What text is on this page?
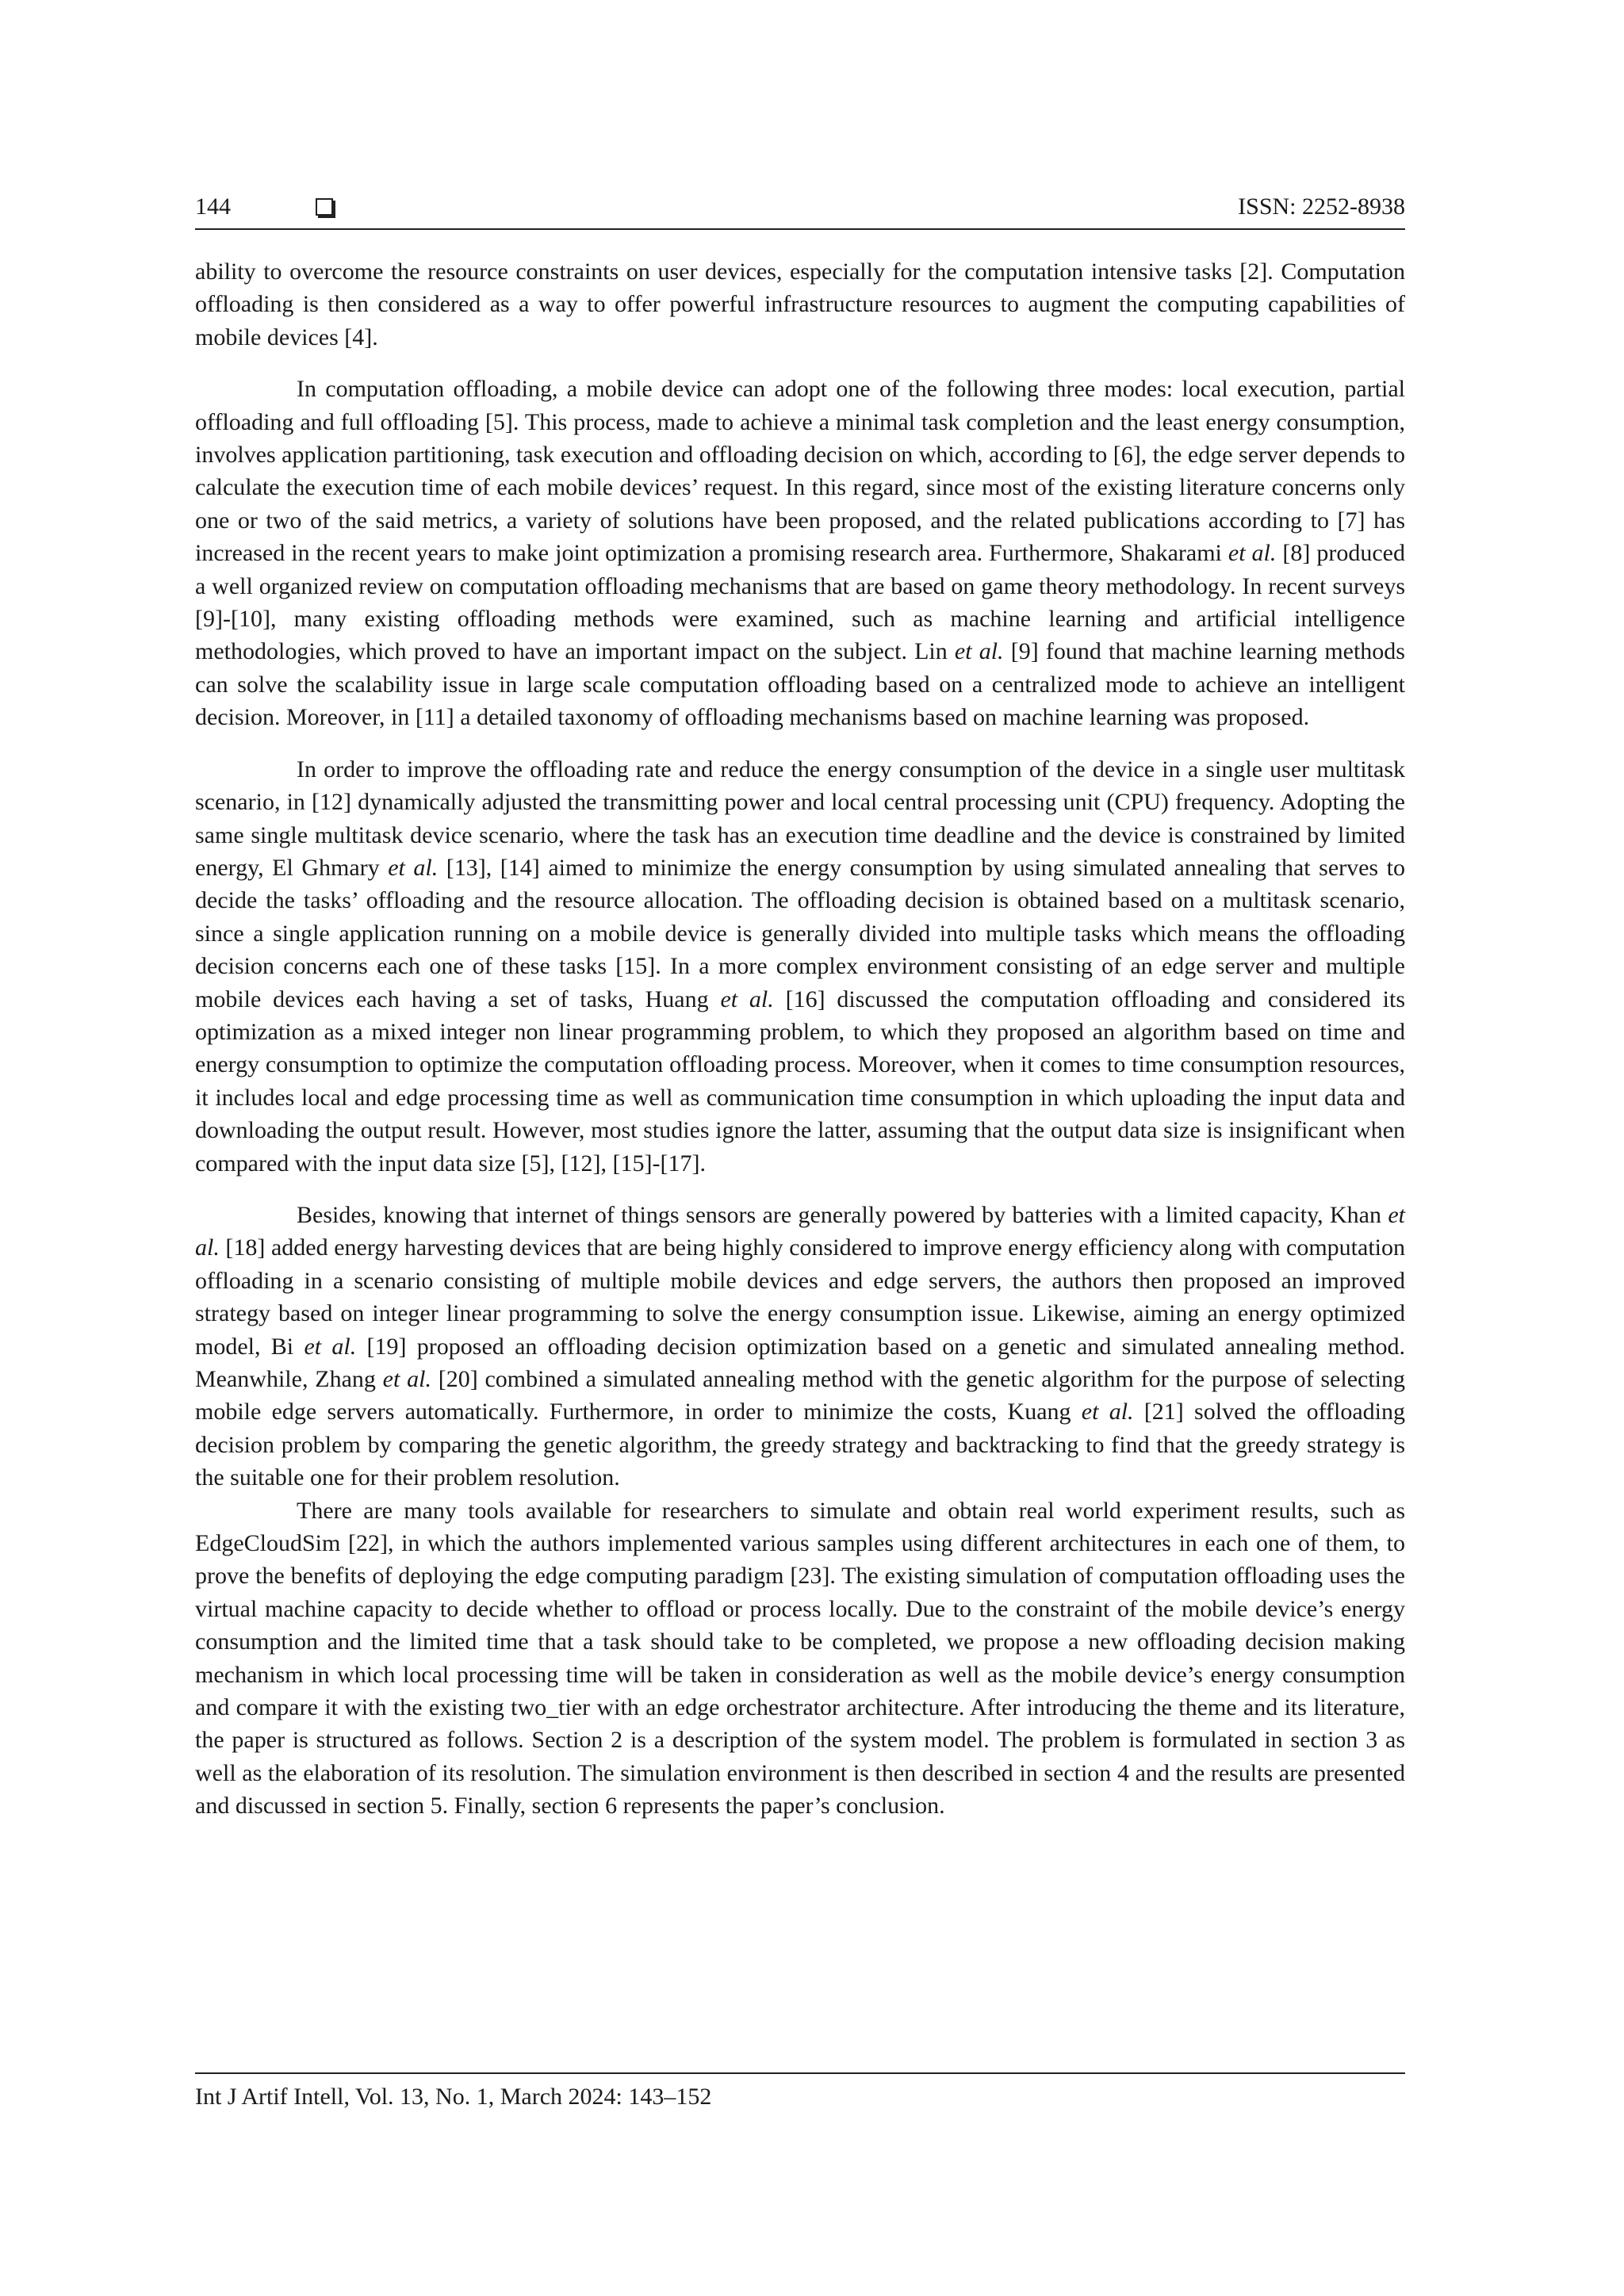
144	ISSN: 2252-8938

ability to overcome the resource constraints on user devices, especially for the computation intensive tasks [2]. Computation offloading is then considered as a way to offer powerful infrastructure resources to augment the computing capabilities of mobile devices [4].

In computation offloading, a mobile device can adopt one of the following three modes: local execution, partial offloading and full offloading [5]. This process, made to achieve a minimal task completion and the least energy consumption, involves application partitioning, task execution and offloading decision on which, according to [6], the edge server depends to calculate the execution time of each mobile devices’ request. In this regard, since most of the existing literature concerns only one or two of the said metrics, a variety of solutions have been proposed, and the related publications according to [7] has increased in the recent years to make joint optimization a promising research area. Furthermore, Shakarami et al. [8] produced a well organized review on computation offloading mechanisms that are based on game theory methodology. In recent surveys [9]-[10], many existing offloading methods were examined, such as machine learning and artificial intelligence methodologies, which proved to have an important impact on the subject. Lin et al. [9] found that machine learning methods can solve the scalability issue in large scale computation offloading based on a centralized mode to achieve an intelligent decision. Moreover, in [11] a detailed taxonomy of offloading mechanisms based on machine learning was proposed.

In order to improve the offloading rate and reduce the energy consumption of the device in a single user multitask scenario, in [12] dynamically adjusted the transmitting power and local central processing unit (CPU) frequency. Adopting the same single multitask device scenario, where the task has an execution time deadline and the device is constrained by limited energy, El Ghmary et al. [13], [14] aimed to minimize the energy consumption by using simulated annealing that serves to decide the tasks’ offloading and the resource allocation. The offloading decision is obtained based on a multitask scenario, since a single application running on a mobile device is generally divided into multiple tasks which means the offloading decision concerns each one of these tasks [15]. In a more complex environment consisting of an edge server and multiple mobile devices each having a set of tasks, Huang et al. [16] discussed the computation offloading and considered its optimization as a mixed integer non linear programming problem, to which they proposed an algorithm based on time and energy consumption to optimize the computation offloading process. Moreover, when it comes to time consumption resources, it includes local and edge processing time as well as communication time consumption in which uploading the input data and downloading the output result. However, most studies ignore the latter, assuming that the output data size is insignificant when compared with the input data size [5], [12], [15]-[17].

Besides, knowing that internet of things sensors are generally powered by batteries with a limited capacity, Khan et al. [18] added energy harvesting devices that are being highly considered to improve energy efficiency along with computation offloading in a scenario consisting of multiple mobile devices and edge servers, the authors then proposed an improved strategy based on integer linear programming to solve the energy consumption issue. Likewise, aiming an energy optimized model, Bi et al. [19] proposed an offloading decision optimization based on a genetic and simulated annealing method. Meanwhile, Zhang et al. [20] combined a simulated annealing method with the genetic algorithm for the purpose of selecting mobile edge servers automatically. Furthermore, in order to minimize the costs, Kuang et al. [21] solved the offloading decision problem by comparing the genetic algorithm, the greedy strategy and backtracking to find that the greedy strategy is the suitable one for their problem resolution.

There are many tools available for researchers to simulate and obtain real world experiment results, such as EdgeCloudSim [22], in which the authors implemented various samples using different architectures in each one of them, to prove the benefits of deploying the edge computing paradigm [23]. The existing simulation of computation offloading uses the virtual machine capacity to decide whether to offload or process locally. Due to the constraint of the mobile device’s energy consumption and the limited time that a task should take to be completed, we propose a new offloading decision making mechanism in which local processing time will be taken in consideration as well as the mobile device’s energy consumption and compare it with the existing two_tier with an edge orchestrator architecture. After introducing the theme and its literature, the paper is structured as follows. Section 2 is a description of the system model. The problem is formulated in section 3 as well as the elaboration of its resolution. The simulation environment is then described in section 4 and the results are presented and discussed in section 5. Finally, section 6 represents the paper’s conclusion.

Int J Artif Intell, Vol. 13, No. 1, March 2024: 143–152
